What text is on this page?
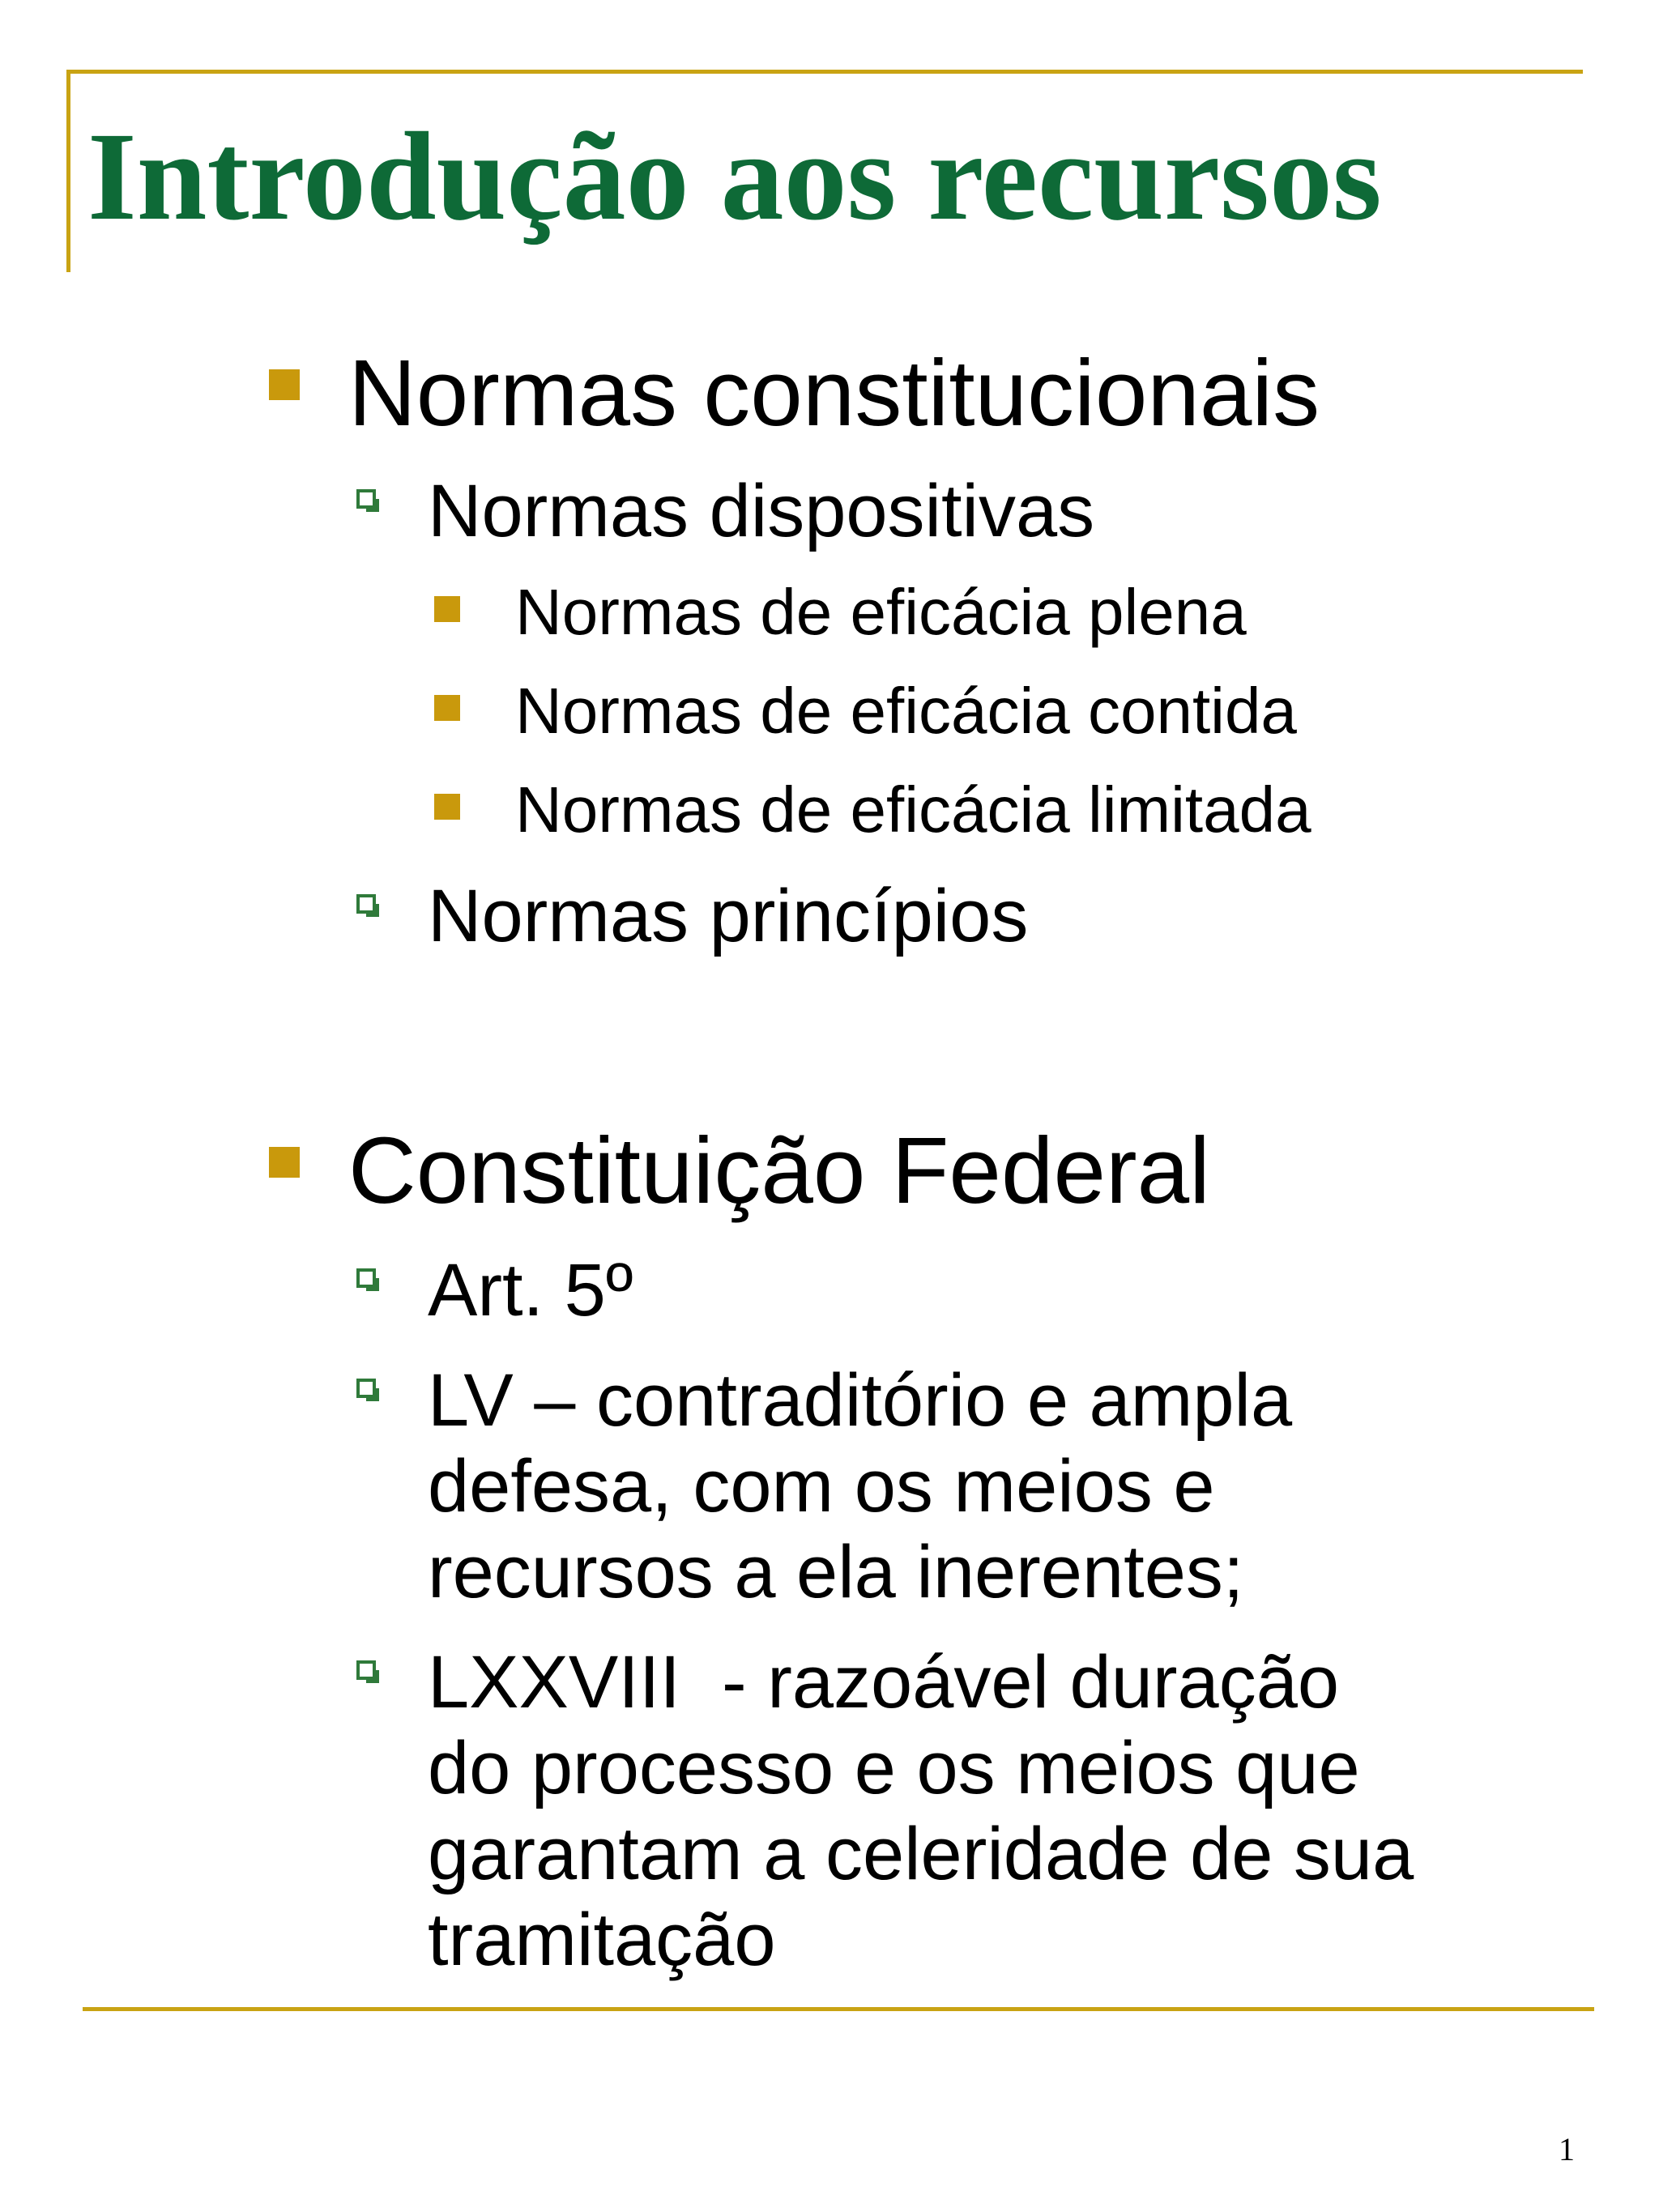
Introdução aos recursos
Normas constitucionais
Normas dispositivas
Normas de eficácia plena
Normas de eficácia contida
Normas de eficácia limitada
Normas princípios
Constituição Federal
Art. 5º
LV – contraditório e ampla
defesa, com os meios e
recursos a ela inerentes;
LXXVIII  - razoável duração
do processo e os meios que
garantam a celeridade de sua
tramitação
1
